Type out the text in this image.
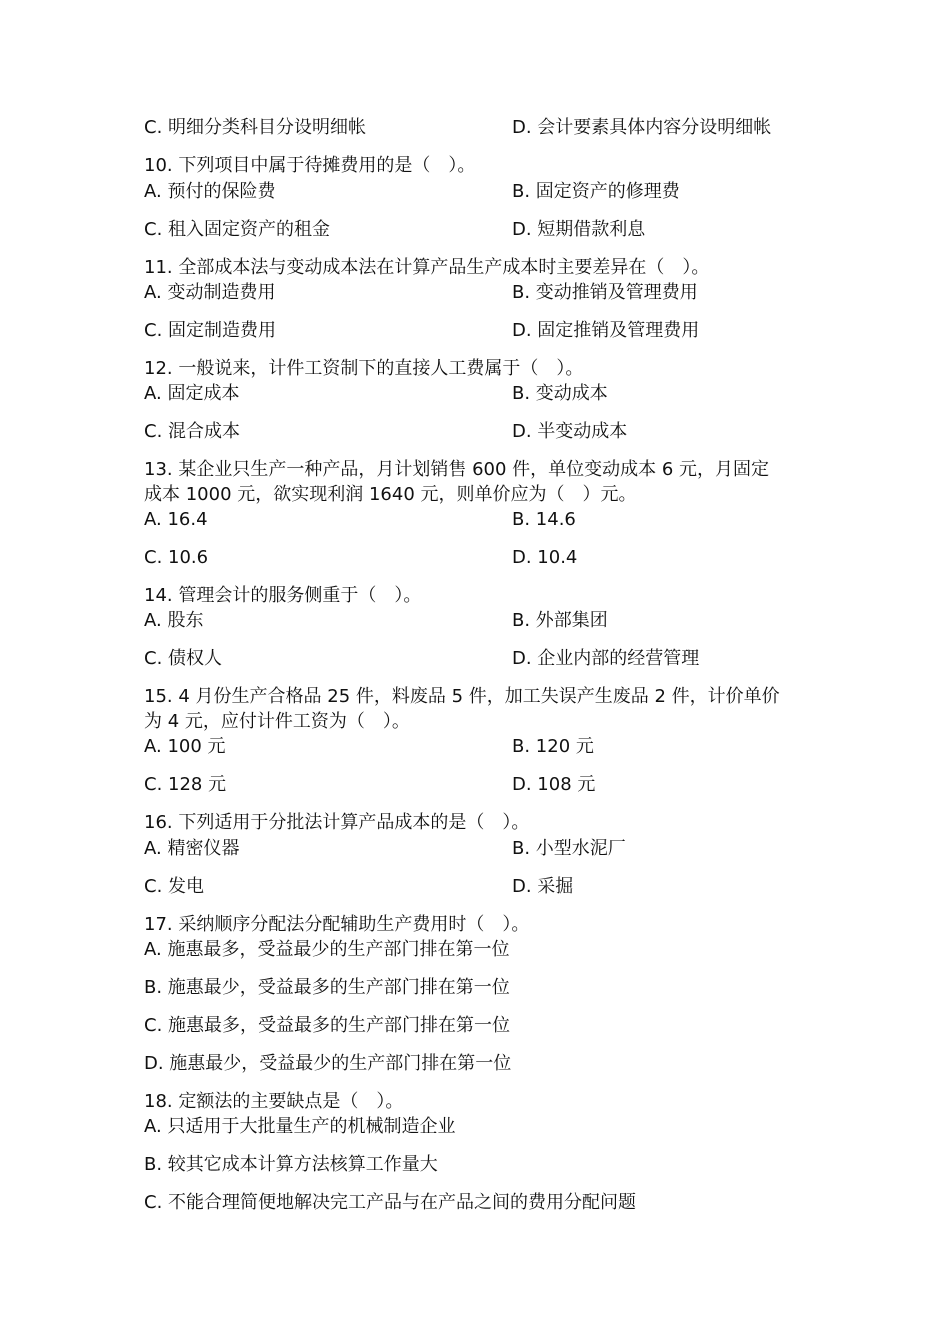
C. 明细分类科目分设明细帐	D. 会计要素具体内容分设明细帐
10. 下列项目中属于待摊费用的是（　）。
A. 预付的保险费	B. 固定资产的修理费
C. 租入固定资产的租金	D. 短期借款利息
11. 全部成本法与变动成本法在计算产品生产成本时主要差异在（　）。
A. 变动制造费用	B. 变动推销及管理费用
C. 固定制造费用	D. 固定推销及管理费用
12. 一般说来，计件工资制下的直接人工费属于（　）。
A. 固定成本	B. 变动成本
C. 混合成本	D. 半变动成本
13. 某企业只生产一种产品，月计划销售 600 件，单位变动成本 6 元，月固定
成本 1000 元，欲实现利润 1640 元，则单价应为（　）元。
A. 16.4	B. 14.6
C. 10.6	D. 10.4
14. 管理会计的服务侧重于（　）。
A. 股东	B. 外部集团
C. 债权人	D. 企业内部的经营管理
15. 4 月份生产合格品 25 件，料废品 5 件，加工失误产生废品 2 件，计价单价
为 4 元，应付计件工资为（　）。
A. 100 元	B. 120 元
C. 128 元	D. 108 元
16. 下列适用于分批法计算产品成本的是（　）。
A. 精密仪器	B. 小型水泥厂
C. 发电	D. 采掘
17. 采纳顺序分配法分配辅助生产费用时（　）。
A. 施惠最多，受益最少的生产部门排在第一位
B. 施惠最少，受益最多的生产部门排在第一位
C. 施惠最多，受益最多的生产部门排在第一位
D. 施惠最少，受益最少的生产部门排在第一位
18. 定额法的主要缺点是（　）。
A. 只适用于大批量生产的机械制造企业
B. 较其它成本计算方法核算工作量大
C. 不能合理简便地解决完工产品与在产品之间的费用分配问题
